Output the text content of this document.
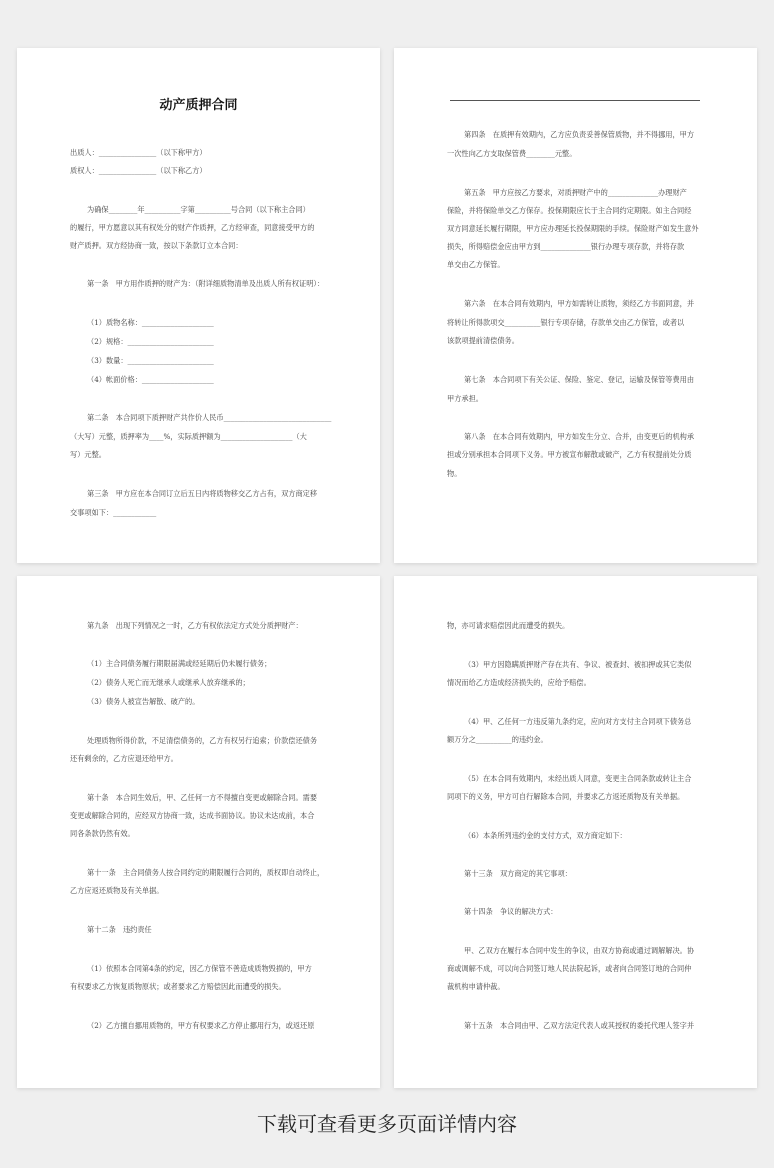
动产质押合同
出质人：________________（以下称甲方）
质权人：________________（以下称乙方）
为确保________年__________字第__________号合同（以下称主合同）
的履行，甲方愿意以其有权处分的财产作质押，乙方经审查，同意接受甲方的
财产质押。双方经协商一致，按以下条款订立本合同：
第一条　甲方用作质押的财产为：（附详细质物清单及出质人所有权证明）：
（1）质物名称：____________________
（2）规格：________________________
（3）数量：________________________
（4）帐面价格：____________________
第二条　本合同项下质押财产共作价人民币______________________________
（大写）元整，质押率为____%，实际质押额为____________________（大
写）元整。
第三条　甲方应在本合同订立后五日内将质物移交乙方占有，双方商定移
交事项如下：____________
第四条　在质押有效期内，乙方应负责妥善保管质物，并不得挪用，甲方
一次性向乙方支取保管费________元整。
第五条　甲方应按乙方要求，对质押财产中的______________办理财产
保险，并将保险单交乙方保存。投保期限应长于主合同约定期限。如主合同经
双方同意延长履行期限，甲方应办理延长投保期限的手续。保险财产如发生意外
损失，所得赔偿金应由甲方到______________银行办理专项存款，并将存款
单交由乙方保管。
第六条　在本合同有效期内，甲方如需转让质物，须经乙方书面同意，并
将转让所得款项交__________银行专项存储，存款单交由乙方保管，或者以
该款项提前清偿债务。
第七条　本合同项下有关公证、保险、鉴定、登记，运输及保管等费用由
甲方承担。
第八条　在本合同有效期内，甲方如发生分立、合并，由变更后的机构承
担或分别承担本合同项下义务。甲方被宣布解散或破产，乙方有权提前处分质
物。
第九条　出现下列情况之一时，乙方有权依法定方式处分质押财产：
（1）主合同债务履行期限届满或经延期后仍未履行债务；
（2）债务人死亡而无继承人或继承人放弃继承的；
（3）债务人被宣告解散、破产的。
处理质物所得价款，不足清偿债务的，乙方有权另行追索；价款偿还债务
还有剩余的，乙方应退还给甲方。
第十条　本合同生效后，甲、乙任何一方不得擅自变更或解除合同。需要
变更或解除合同的，应经双方协商一致，达成书面协议。协议未达成前，本合
同各条款仍然有效。
第十一条　主合同债务人按合同约定的期限履行合同的，质权即自动终止，
乙方应返还质物及有关单据。
第十二条　违约责任
（1）依照本合同第4条的约定，因乙方保管不善造成质物毁损的，甲方
有权要求乙方恢复质物原状；或者要求乙方赔偿因此而遭受的损失。
（2）乙方擅自挪用质物的，甲方有权要求乙方停止挪用行为，或返还原
物，亦可请求赔偿因此而遭受的损失。
（3）甲方因隐瞒质押财产存在共有、争议、被查封、被扣押或其它类似
情况而给乙方造成经济损失的，应给予赔偿。
（4）甲、乙任何一方违反第九条约定，应向对方支付主合同项下债务总
额万分之__________的违约金。
（5）在本合同有效期内，未经出质人同意，变更主合同条款或转让主合
同项下的义务，甲方可自行解除本合同，并要求乙方返还质物及有关单据。
（6）本条所列违约金的支付方式，双方商定如下：
第十三条　双方商定的其它事项：
第十四条　争议的解决方式：
甲、乙双方在履行本合同中发生的争议，由双方协商或通过调解解决。协
商或调解不成，可以向合同签订地人民法院起诉，或者向合同签订地的合同仲
裁机构申请仲裁。
第十五条　本合同由甲、乙双方法定代表人或其授权的委托代理人签字并
下载可查看更多页面详情内容
